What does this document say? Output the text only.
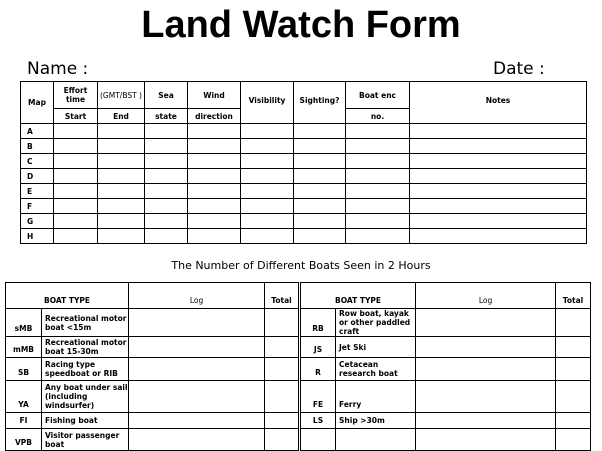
Land Watch Form
Name :	Date :
Map	Effort time	(GMT/BST )	Sea	Wind	Visibility	Sighting?	Boat enc	Notes
	Start	End	state	direction			no.	
A								
B								
C								
D								
E								
F								
G								
H								
The Number of Different Boats Seen in 2 Hours
BOAT TYPE		Log	Total	BOAT TYPE		Log	Total
sMB	Recreational motor boat <15m			RB	Row boat, kayak or other paddled craft		
mMB	Recreational motor boat 15-30m			JS	Jet Ski		
SB	Racing type speedboat or RIB			R	Cetacean research boat		
YA	Any boat under sail (including windsurfer)			FE	Ferry		
FI	Fishing boat			LS	Ship >30m		
VPB	Visitor passenger boat						
